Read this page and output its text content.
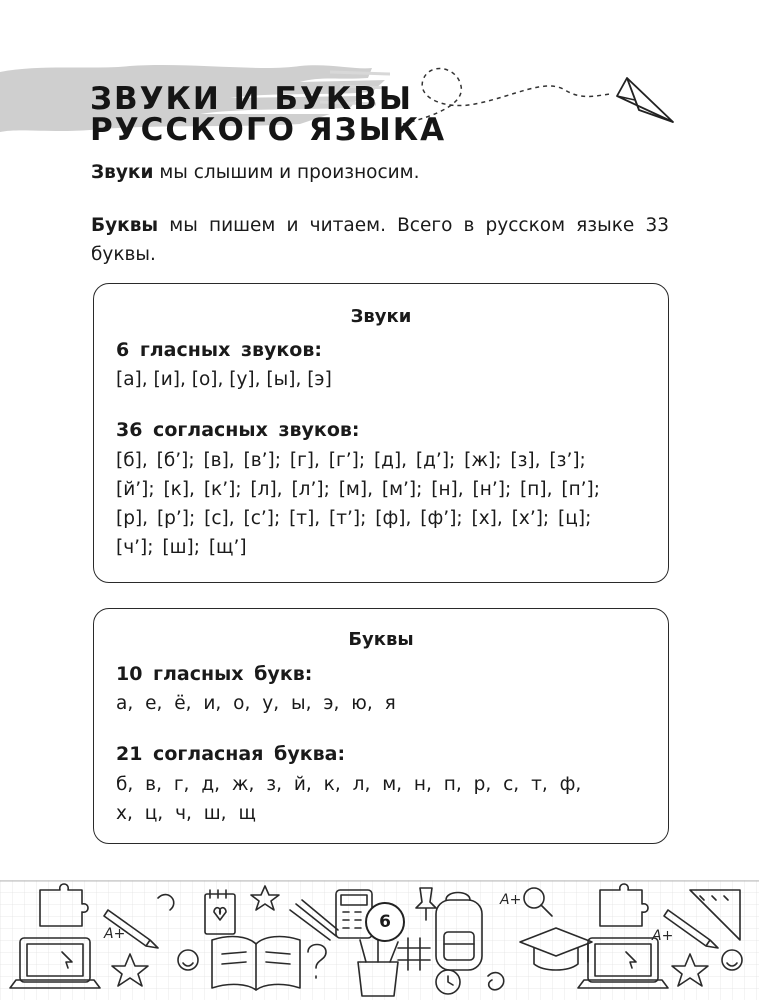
ЗВУКИ И БУКВЫ
РУССКОГО ЯЗЫКА

Звуки мы слышим и произносим.

Буквы мы пишем и читаем. Всего в русском языке 33 буквы.

Звуки

6 гласных звуков:

[а], [и], [о], [у], [ы], [э]

36 согласных звуков:

[б], [б’]; [в], [в’]; [г], [г’]; [д], [д’]; [ж]; [з], [з’];

[й’]; [к], [к’]; [л], [л’]; [м], [м’]; [н], [н’]; [п], [п’];

[р], [р’]; [с], [с’]; [т], [т’]; [ф], [ф’]; [х], [х’]; [ц];

[ч’]; [ш]; [щ’]

Буквы

10 гласных букв:

а, е, ё, и, о, у, ы, э, ю, я

21 согласная буква:

б, в, г, д, ж, з, й, к, л, м, н, п, р, с, т, ф,

х, ц, ч, ш, щ

A+
A+
A+
6
